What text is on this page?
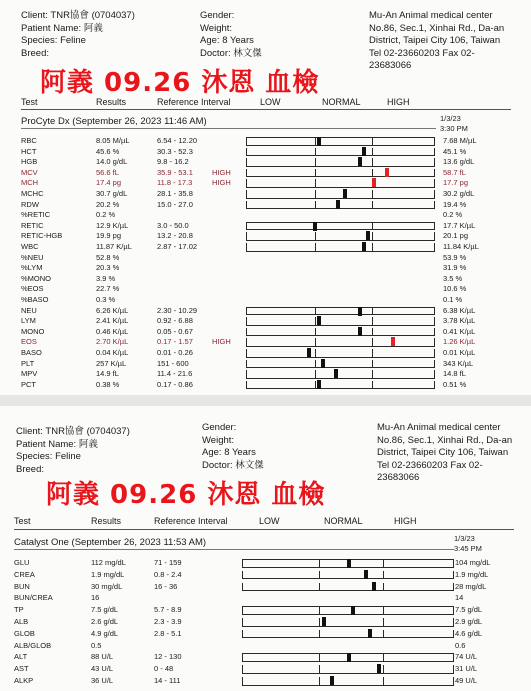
Client: TNR協會 (0704037)
Patient Name: 阿義
Species: Feline
Breed:
Gender:
Weight:
Age: 8 Years
Doctor: 林文傑
Mu-An Animal medical center
No.86, Sec.1, Xinhai Rd., Da-an
District, Taipei City 106, Taiwan
Tel 02-23660203 Fax 02-
23683066
阿義 09.26 沐恩 血檢
Test	Results	Reference Interval	LOW	NORMAL	HIGH
ProCyte Dx (September 26, 2023 11:46 AM)	1/3/23
3:30 PM
RBC	8.05 M/µL	6.54 - 12.20	7.68 M/µL
HCT	45.6 %	30.3 - 52.3	45.1 %
HGB	14.0 g/dL	9.8 - 16.2	13.6 g/dL
MCV	56.6 fL	35.9 - 53.1	HIGH	58.7 fL
MCH	17.4 pg	11.8 - 17.3	HIGH	17.7 pg
MCHC	30.7 g/dL	28.1 - 35.8	30.2 g/dL
RDW	20.2 %	15.0 - 27.0	19.4 %
%RETIC	0.2 %	0.2 %
RETIC	12.9 K/µL	3.0 - 50.0	17.7 K/µL
RETIC-HGB	19.9 pg	13.2 - 20.8	20.1 pg
WBC	11.87 K/µL	2.87 - 17.02	11.84 K/µL
%NEU	52.8 %	53.9 %
%LYM	20.3 %	31.9 %
%MONO	3.9 %	3.5 %
%EOS	22.7 %	10.6 %
%BASO	0.3 %	0.1 %
NEU	6.26 K/µL	2.30 - 10.29	6.38 K/µL
LYM	2.41 K/µL	0.92 - 6.88	3.78 K/µL
MONO	0.46 K/µL	0.05 - 0.67	0.41 K/µL
EOS	2.70 K/µL	0.17 - 1.57	HIGH	1.26 K/µL
BASO	0.04 K/µL	0.01 - 0.26	0.01 K/µL
PLT	257 K/µL	151 - 600	343 K/µL
MPV	14.9 fL	11.4 - 21.6	14.8 fL
PCT	0.38 %	0.17 - 0.86	0.51 %
Client: TNR協會 (0704037)
Patient Name: 阿義
Species: Feline
Breed:
Gender:
Weight:
Age: 8 Years
Doctor: 林文傑
Mu-An Animal medical center
No.86, Sec.1, Xinhai Rd., Da-an
District, Taipei City 106, Taiwan
Tel 02-23660203 Fax 02-
23683066
阿義 09.26 沐恩 血檢
Test	Results	Reference Interval	LOW	NORMAL	HIGH
Catalyst One (September 26, 2023 11:53 AM)	1/3/23
3:45 PM
GLU	112 mg/dL	71 - 159	104 mg/dL
CREA	1.9 mg/dL	0.8 - 2.4	1.9 mg/dL
BUN	30 mg/dL	16 - 36	28 mg/dL
BUN/CREA	16	14
TP	7.5 g/dL	5.7 - 8.9	7.5 g/dL
ALB	2.6 g/dL	2.3 - 3.9	2.9 g/dL
GLOB	4.9 g/dL	2.8 - 5.1	4.6 g/dL
ALB/GLOB	0.5	0.6
ALT	88 U/L	12 - 130	74 U/L
AST	43 U/L	0 - 48	31 U/L
ALKP	36 U/L	14 - 111	49 U/L
